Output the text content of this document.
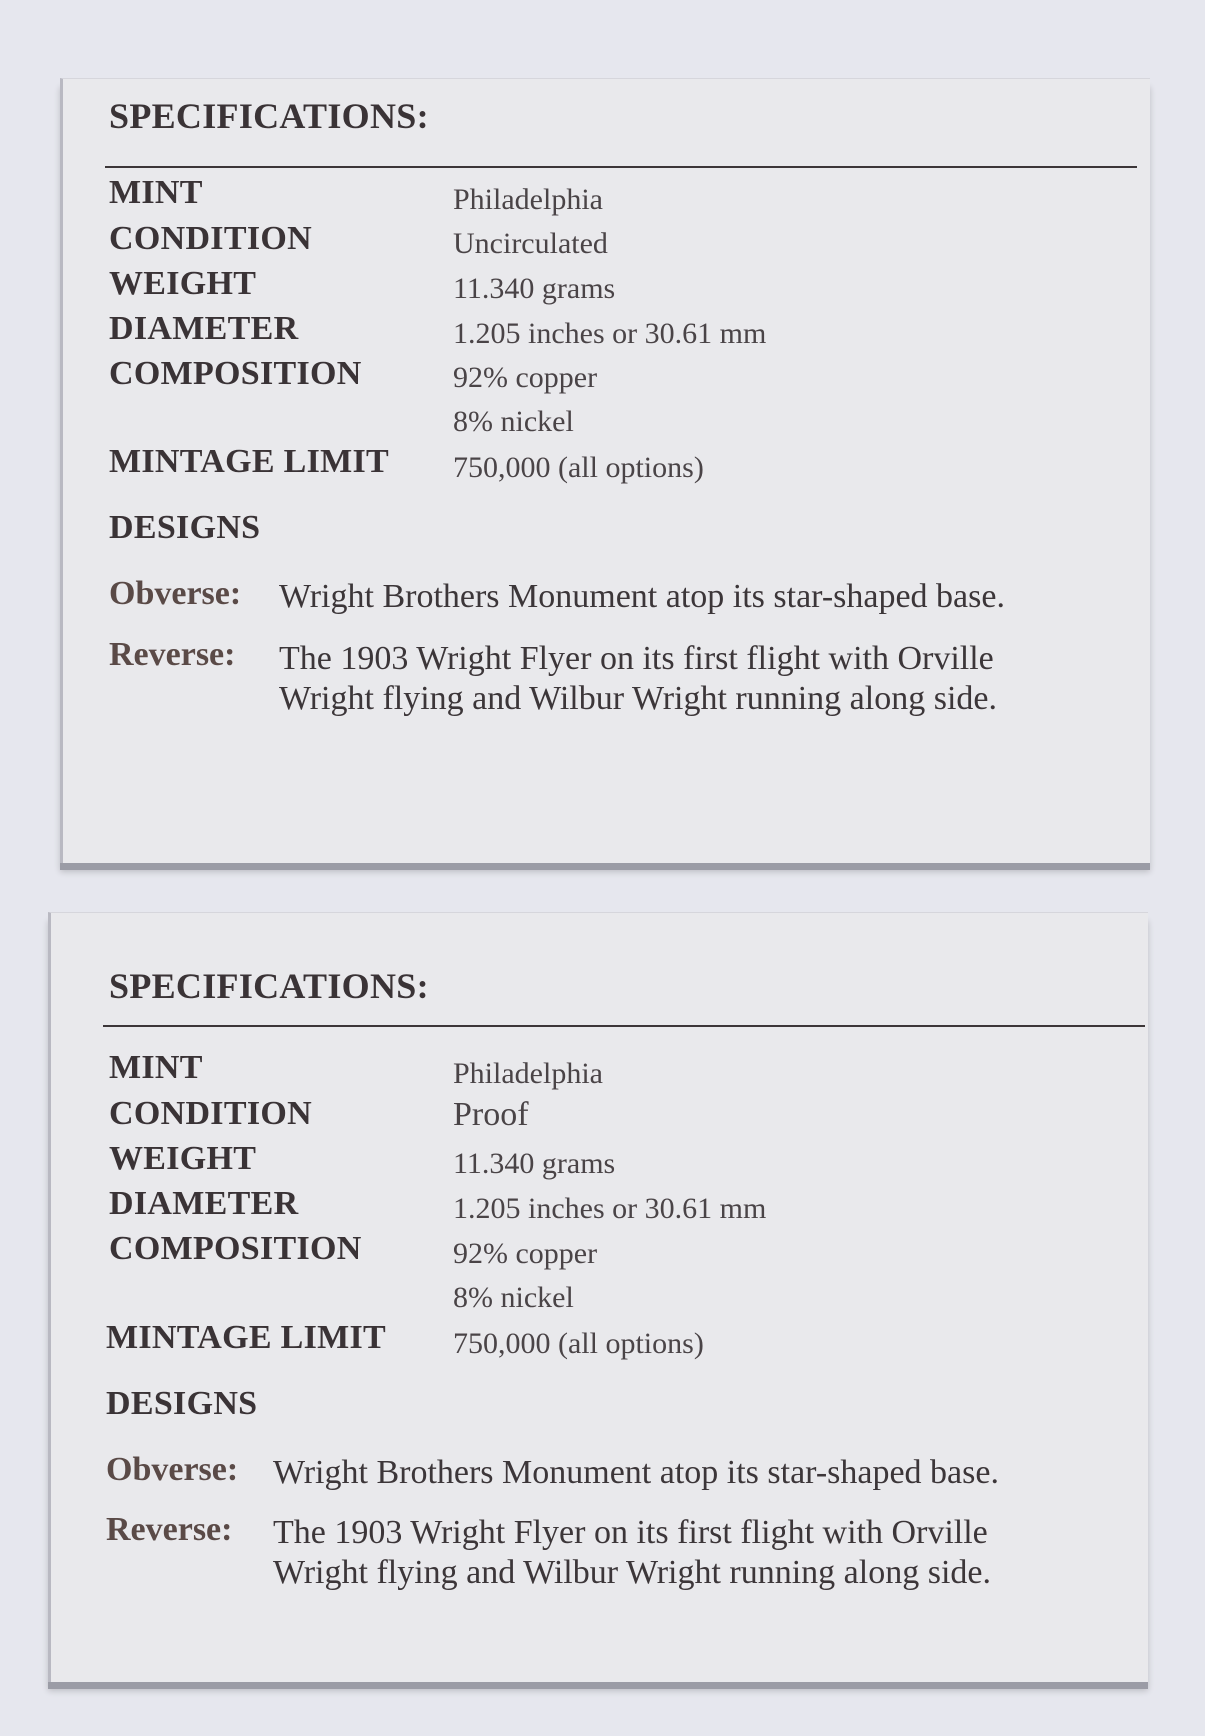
SPECIFICATIONS:
MINT	Philadelphia
CONDITION	Uncirculated
WEIGHT	11.340 grams
DIAMETER	1.205 inches or 30.61 mm
COMPOSITION	92% copper
8% nickel
MINTAGE LIMIT 750,000 (all options)
DESIGNS
Obverse: Wright Brothers Monument atop its star-shaped base.
Reverse: The 1903 Wright Flyer on its first flight with Orville
Wright flying and Wilbur Wright running along side.
SPECIFICATIONS:
MINT	Philadelphia
CONDITION	Proof
WEIGHT	11.340 grams
DIAMETER	1.205 inches or 30.61 mm
COMPOSITION	92% copper
8% nickel
MINTAGE LIMIT 750,000 (all options)
DESIGNS
Obverse: Wright Brothers Monument atop its star-shaped base.
Reverse: The 1903 Wright Flyer on its first flight with Orville
Wright flying and Wilbur Wright running along side.
